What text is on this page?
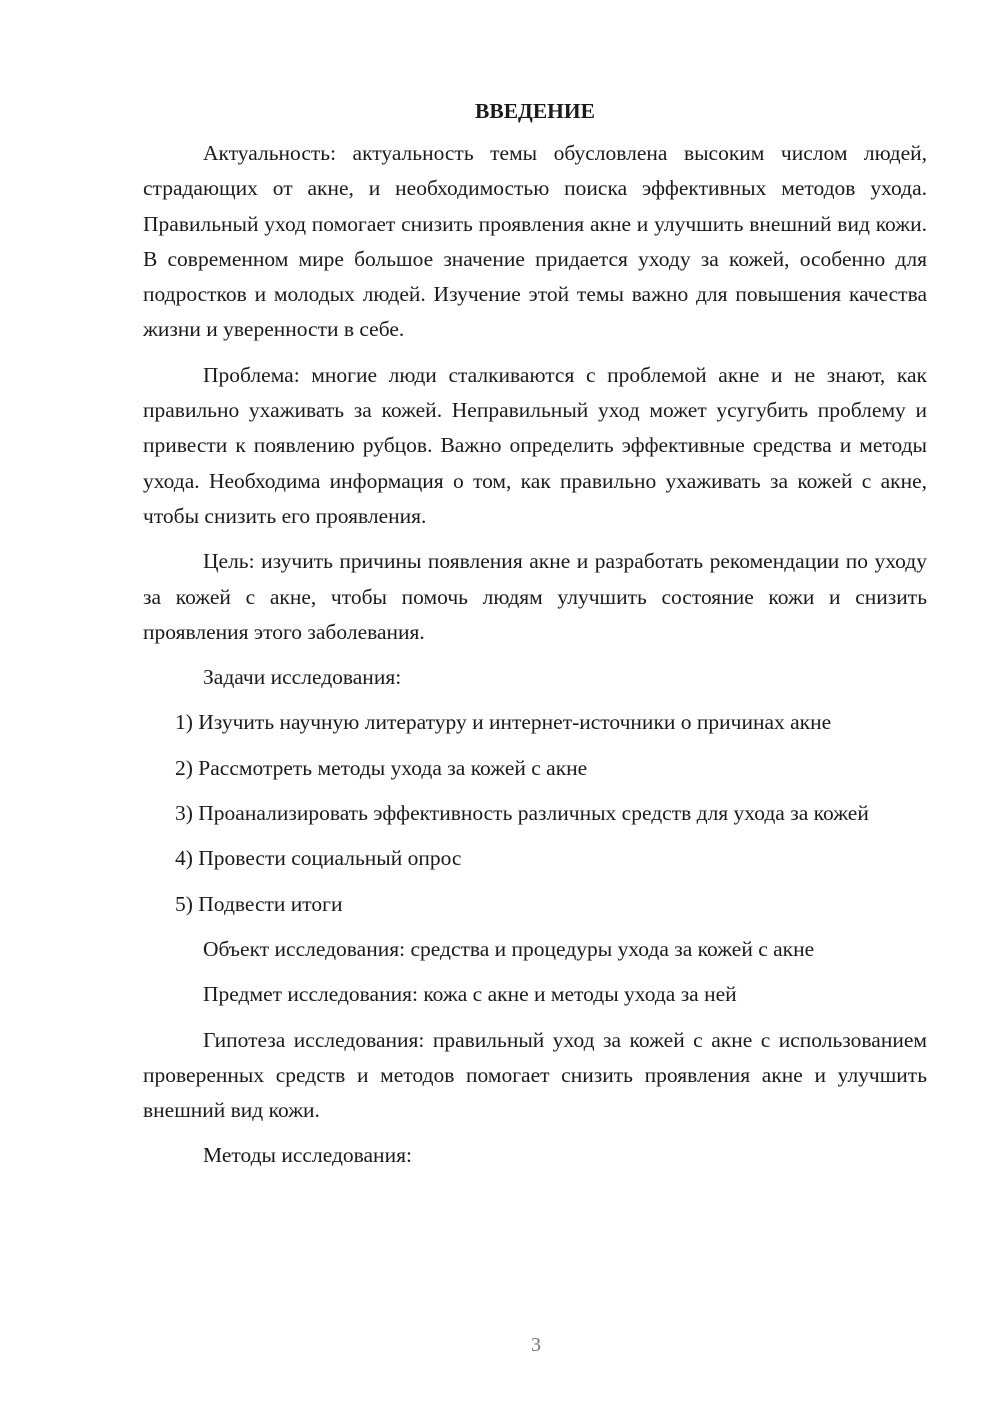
ВВЕДЕНИЕ

Актуальность: актуальность темы обусловлена высоким числом людей, страдающих от акне, и необходимостью поиска эффективных методов ухода. Правильный уход помогает снизить проявления акне и улучшить внешний вид кожи. В современном мире большое значение придается уходу за кожей, особенно для подростков и молодых людей. Изучение этой темы важно для повышения качества жизни и уверенности в себе.

Проблема: многие люди сталкиваются с проблемой акне и не знают, как правильно ухаживать за кожей. Неправильный уход может усугубить проблему и привести к появлению рубцов. Важно определить эффективные средства и методы ухода. Необходима информация о том, как правильно ухаживать за кожей с акне, чтобы снизить его проявления.

Цель: изучить причины появления акне и разработать рекомендации по уходу за кожей с акне, чтобы помочь людям улучшить состояние кожи и снизить проявления этого заболевания.

Задачи исследования:

1) Изучить научную литературу и интернет-источники о причинах акне

2) Рассмотреть методы ухода за кожей с акне

3) Проанализировать эффективность различных средств для ухода за кожей

4) Провести социальный опрос

5) Подвести итоги

Объект исследования: средства и процедуры ухода за кожей с акне

Предмет исследования: кожа с акне и методы ухода за ней

Гипотеза исследования: правильный уход за кожей с акне с использованием проверенных средств и методов помогает снизить проявления акне и улучшить внешний вид кожи.

Методы исследования:

3
